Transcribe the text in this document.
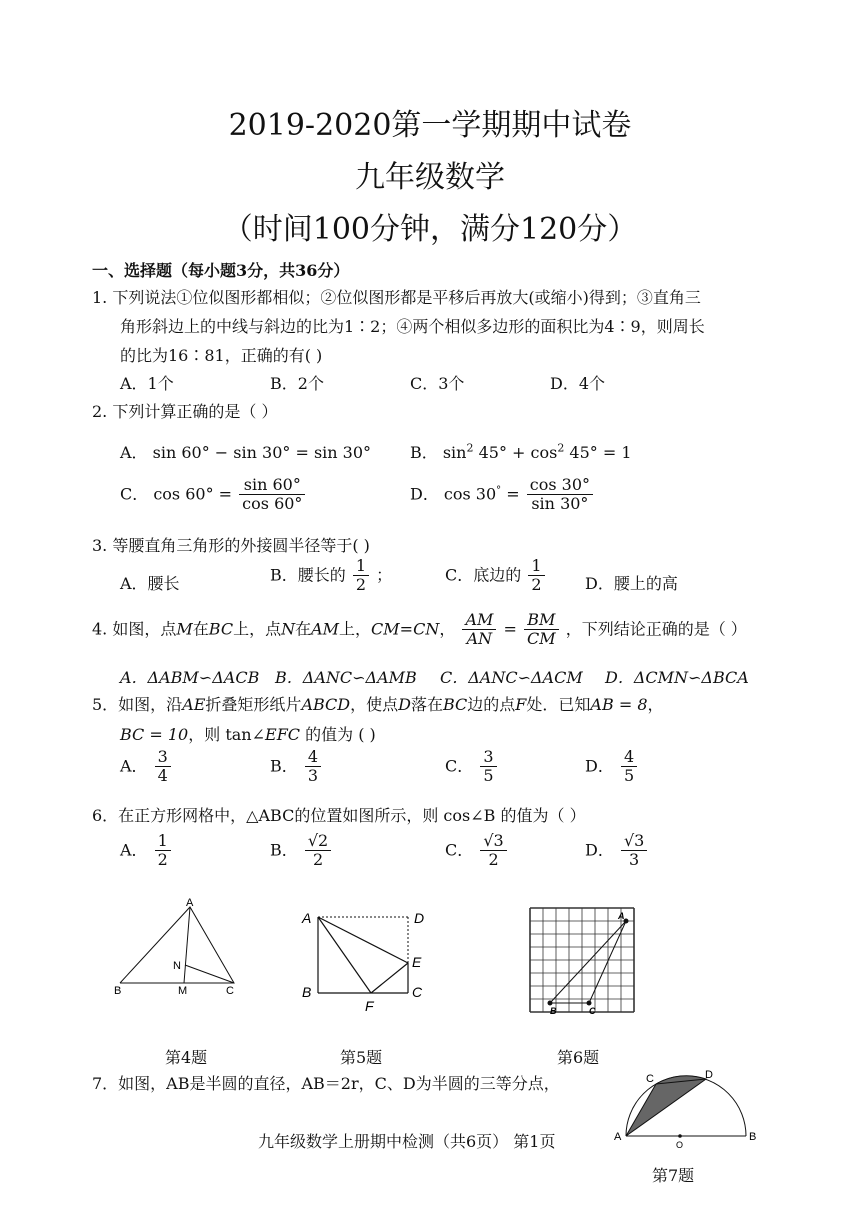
2019-2020第一学期期中试卷
九年级数学
（时间100分钟，满分120分）
一、选择题（每小题3分，共36分）
1. 下列说法①位似图形都相似；②位似图形都是平移后再放大(或缩小)得到；③直角三
角形斜边上的中线与斜边的比为1∶2；④两个相似多边形的面积比为4∶9，则周长
的比为16∶81，正确的有( )
A．1个	B．2个	C．3个	D．4个
2. 下列计算正确的是（ ）
A． sin 60° − sin 30° = sin 30° B． $\sin^2 45^\circ + \cos^2 45^\circ = 1$
C． $\cos 60^\circ = \frac{\sin 60^\circ}{\cos 60^\circ}$	D． $\cos 30^\circ = \frac{\cos 30^\circ}{\sin 30^\circ}$
3. 等腰直角三角形的外接圆半径等于( )
A．腰长	B．腰长的 $\frac{1}{2}$ ；	C．底边的 $\frac{1}{2}$	D．腰上的高
4. 如图，点M在BC上，点N在AM上，CM=CN， $\frac{AM}{AN} = \frac{BM}{CM}$ ，下列结论正确的是（ ）
A．ΔABM∽ΔACB B．ΔANC∽ΔAMB C．ΔANC∽ΔACM D．ΔCMN∽ΔBCA
5．如图，沿AE折叠矩形纸片ABCD，使点D落在BC边的点F处．已知AB = 8，
BC = 10，则 tan∠EFC 的值为 ( )
A． $\frac{3}{4}$	B． $\frac{4}{3}$	C． $\frac{3}{5}$	D． $\frac{4}{5}$
6．在正方形网格中，△ABC的位置如图所示，则 cos∠B 的值为（ ）
A． $\frac{1}{2}$	B． $\frac{√2}{2}$	C． $\frac{√3}{2}$	D． $\frac{√3}{3}$
A
B	C
M
N
第4题
A	D
E
B	C
F
第5题
A
B	C
第6题
7．如图，AB是半圆的直径，AB＝2r，C、D为半圆的三等分点，
A	B
C	D
O
第7题
九年级数学上册期中检测（共6页） 第1页
